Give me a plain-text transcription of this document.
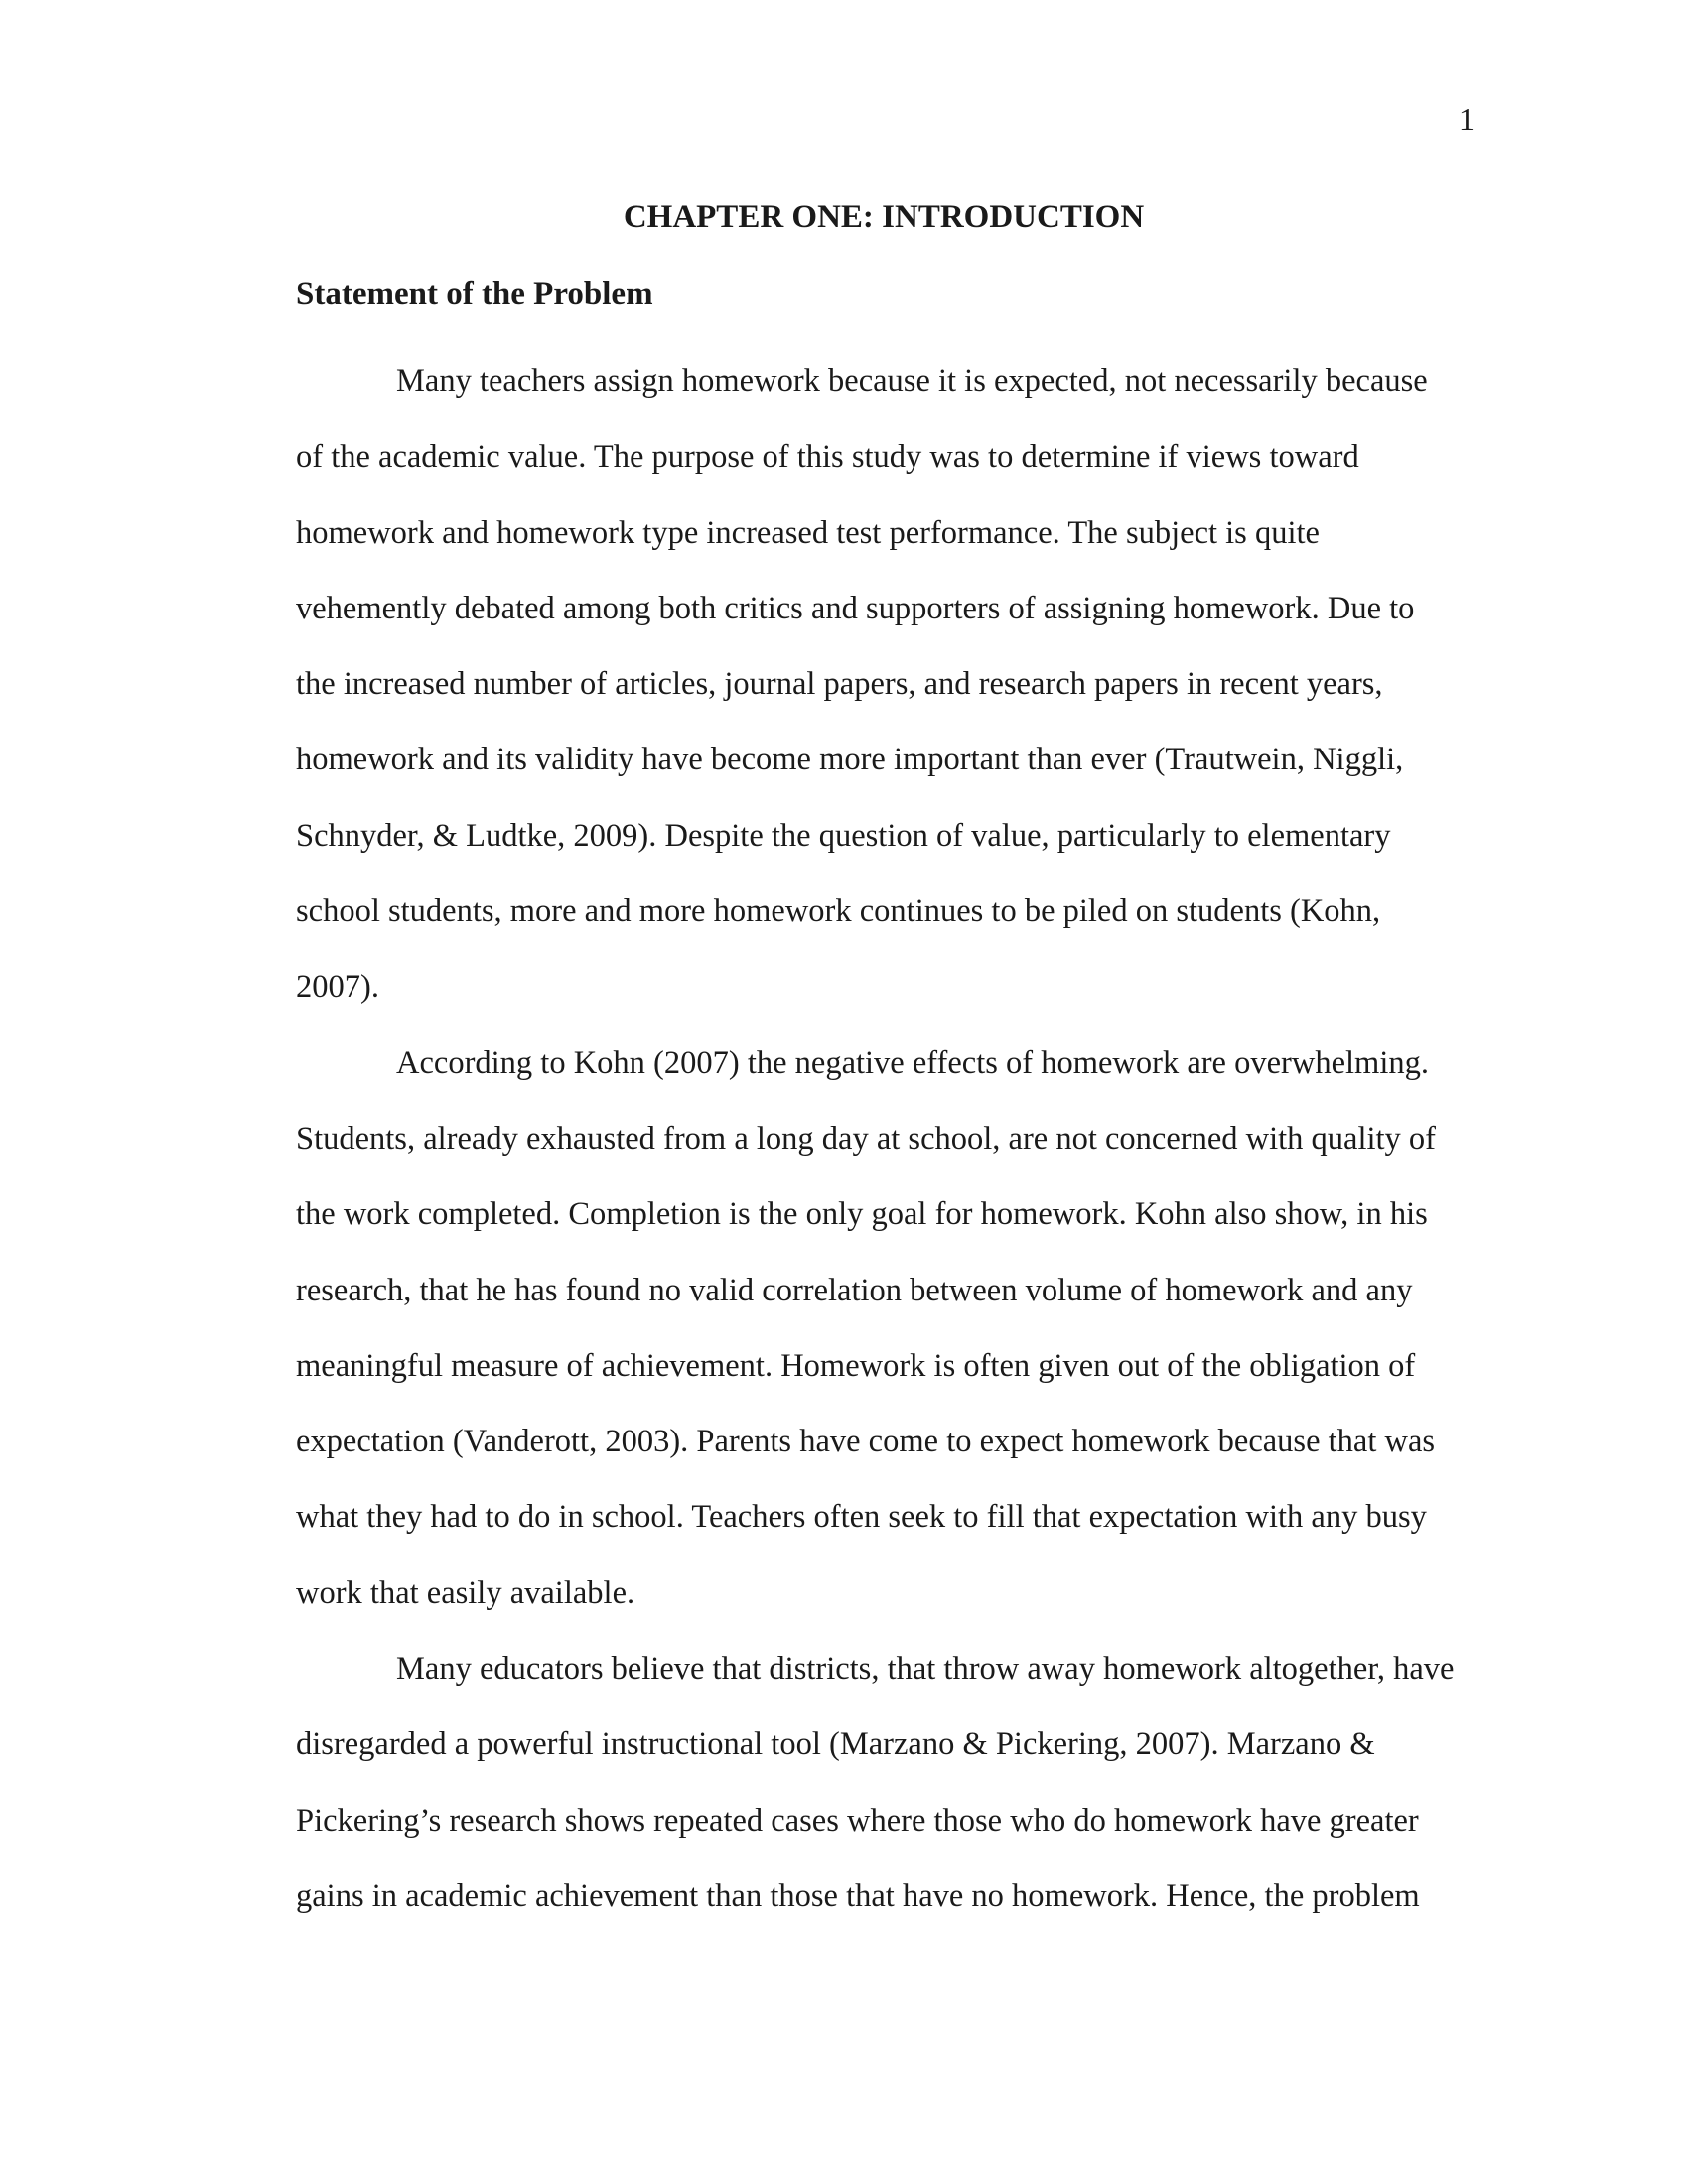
1
CHAPTER ONE: INTRODUCTION
Statement of the Problem
Many teachers assign homework because it is expected, not necessarily because
of the academic value. The purpose of this study was to determine if views toward
homework and homework type increased test performance. The subject is quite
vehemently debated among both critics and supporters of assigning homework. Due to
the increased number of articles, journal papers, and research papers in recent years,
homework and its validity have become more important than ever (Trautwein, Niggli,
Schnyder, & Ludtke, 2009). Despite the question of value, particularly to elementary
school students, more and more homework continues to be piled on students (Kohn,
2007).
According to Kohn (2007) the negative effects of homework are overwhelming.
Students, already exhausted from a long day at school, are not concerned with quality of
the work completed. Completion is the only goal for homework. Kohn also show, in his
research, that he has found no valid correlation between volume of homework and any
meaningful measure of achievement. Homework is often given out of the obligation of
expectation (Vanderott, 2003). Parents have come to expect homework because that was
what they had to do in school. Teachers often seek to fill that expectation with any busy
work that easily available.
Many educators believe that districts, that throw away homework altogether, have
disregarded a powerful instructional tool (Marzano & Pickering, 2007). Marzano &
Pickering’s research shows repeated cases where those who do homework have greater
gains in academic achievement than those that have no homework. Hence, the problem
